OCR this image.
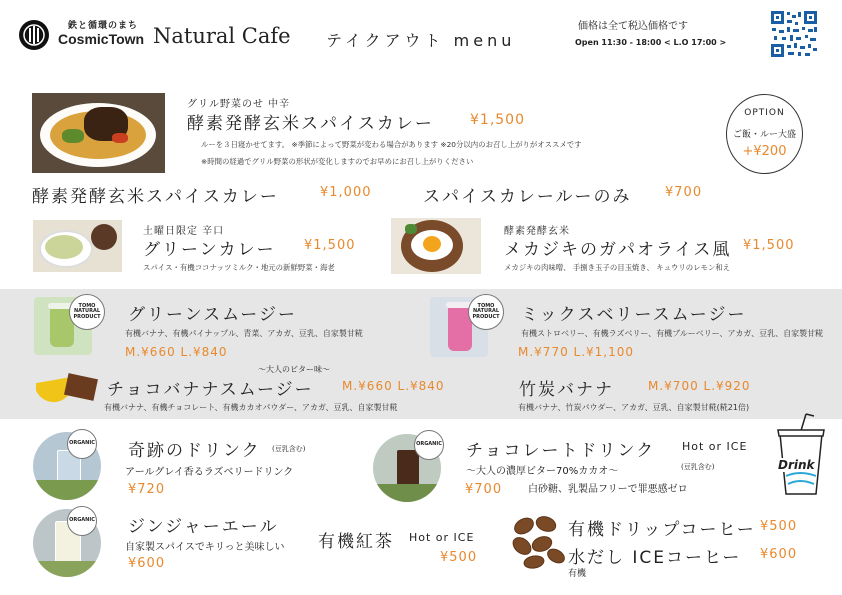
鉄と循環のまち
CosmicTown Natural Cafe テイクアウト menu
価格は全て税込価格です
Open 11:30 - 18:00 < L.O 17:00 >
グリル野菜のせ 中辛
酵素発酵玄米スパイスカレー	¥1,500
ルーを３日寝かせてます。 ※季節によって野菜が変わる場合があります ※20分以内のお召し上がりがオススメです
※時間の経過でグリル野菜の形状が変化しますのでお早めにお召し上がりください
OPTION
ご飯・ルー大盛
+¥200
酵素発酵玄米スパイスカレー	¥1,000	スパイスカレールーのみ	¥700
土曜日限定 辛口
グリーンカレー ¥1,500
スパイス・有機ココナッツミルク・地元の新鮮野菜・海老
酵素発酵玄米
メカジキのガパオライス風 ¥1,500
メカジキの肉味噌、 手捌き玉子の目玉焼き、 キュウリのレモン和え
TOMO NATURAL PRODUCT グリーンスムージー
有機バナナ、有機パイナップル、青菜、アカガ、豆乳、自家製甘糀
M.¥660 L.¥840
TOMO NATURAL PRODUCT ミックスベリースムージー
有機ストロベリー、有機ラズベリー、有機ブルーベリー、アカガ、豆乳、自家製甘糀
M.¥770 L.¥1,100
～大人のビター味～
チョコバナナスムージー M.¥660 L.¥840
有機バナナ、有機チョコレート、有機カカオパウダー、アカガ、豆乳、自家製甘糀
竹炭バナナ	M.¥700 L.¥920
有機バナナ、竹炭パウダー、アカガ、豆乳、自家製甘糀(糀21倍)
ORGANIC 奇跡のドリンク (豆乳含む)
アールグレイ香るラズベリードリンク
¥720
ORGANIC チョコレートドリンク Hot or ICE
(豆乳含む)
～大人の濃厚ビター70%カカオ～
¥700	白砂糖、乳製品フリーで罪悪感ゼロ
Drink
ORGANIC ジンジャーエール
自家製スパイスでキリっと美味しい
¥600
有機紅茶 Hot or ICE
¥500
有機ドリップコーヒー ¥500
水だし ICEコーヒー ¥600
有機
